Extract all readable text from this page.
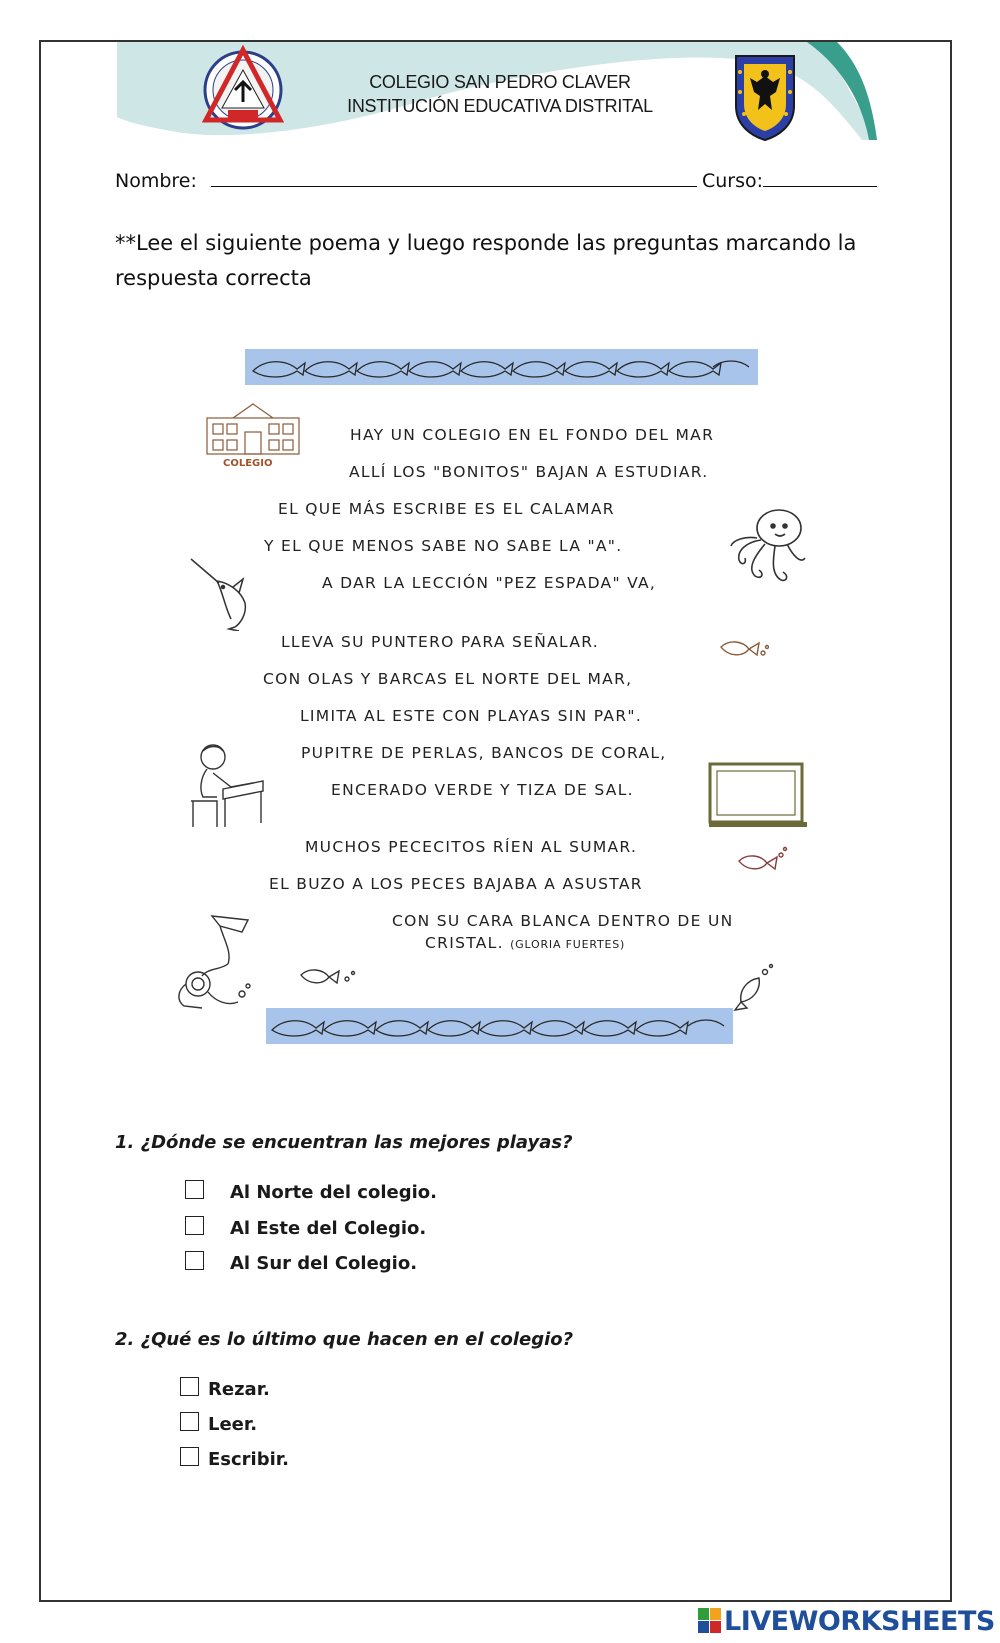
COLEGIO SAN PEDRO CLAVER
INSTITUCIÓN EDUCATIVA DISTRITAL
Nombre:	Curso:
**Lee el siguiente poema y luego responde las preguntas marcando la respuesta correcta
COLEGIO
HAY UN COLEGIO EN EL FONDO DEL MAR
ALLÍ LOS "BONITOS" BAJAN A ESTUDIAR.
EL QUE MÁS ESCRIBE ES EL CALAMAR
Y EL QUE MENOS SABE NO SABE LA "A".
A DAR LA LECCIÓN "PEZ ESPADA" VA,
LLEVA SU PUNTERO PARA SEÑALAR.
CON OLAS Y BARCAS EL NORTE DEL MAR,
LIMITA AL ESTE CON PLAYAS SIN PAR".
PUPITRE DE PERLAS, BANCOS DE CORAL,
ENCERADO VERDE Y TIZA DE SAL.
MUCHOS PECECITOS RÍEN AL SUMAR.
EL BUZO A LOS PECES BAJABA A ASUSTAR
CON SU CARA BLANCA DENTRO DE UN
CRISTAL. (GLORIA FUERTES)
1. ¿Dónde se encuentran las mejores playas?
Al Norte del colegio.
Al Este del Colegio.
Al Sur del Colegio.
2. ¿Qué es lo último que hacen en el colegio?
Rezar.
Leer.
Escribir.
LIVEWORKSHEETS
